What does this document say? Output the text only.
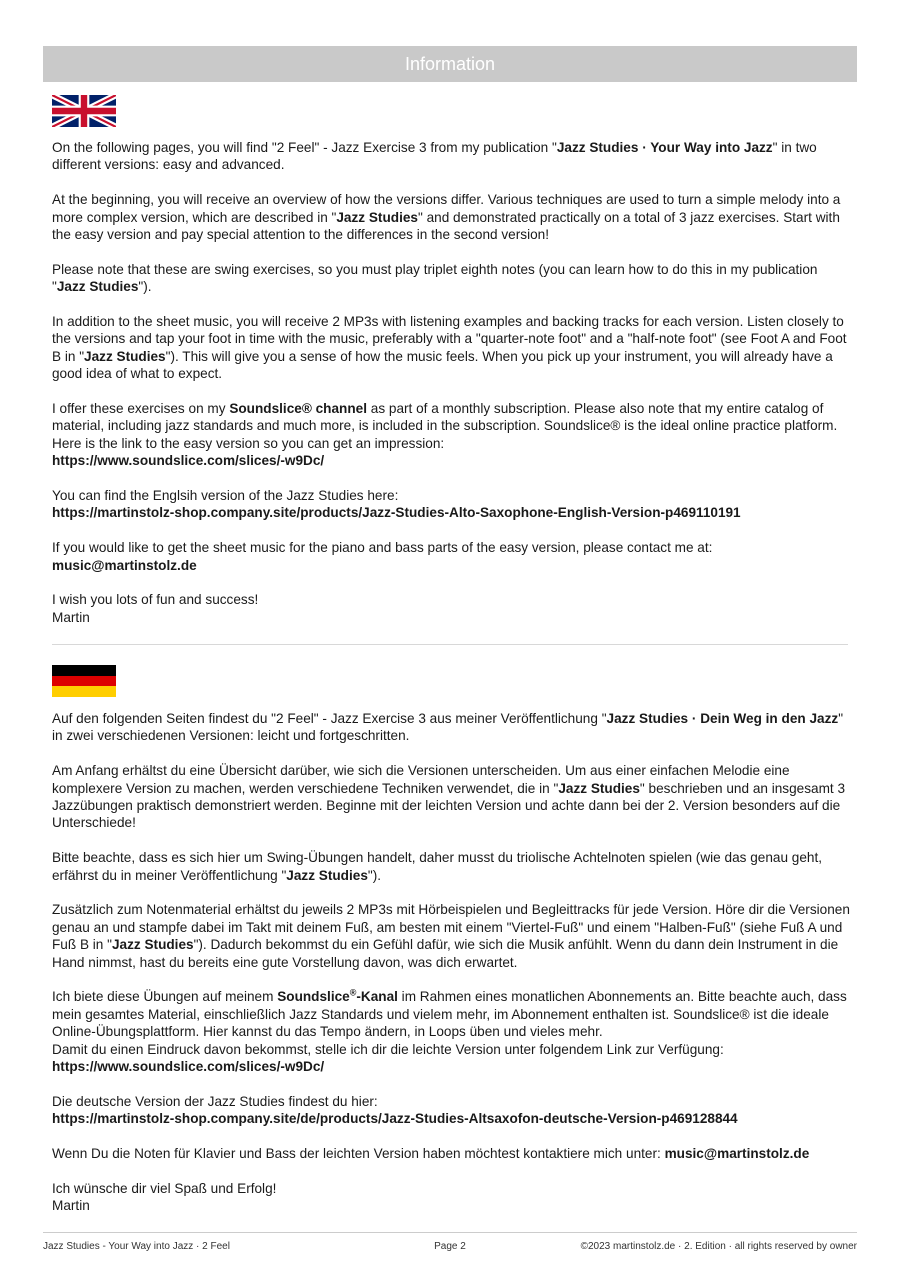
Information

On the following pages, you will find "2 Feel" - Jazz Exercise 3 from my publication "Jazz Studies · Your Way into Jazz" in two different versions: easy and advanced.

At the beginning, you will receive an overview of how the versions differ. Various techniques are used to turn a simple melody into a more complex version, which are described in "Jazz Studies" and demonstrated practically on a total of 3 jazz exercises. Start with the easy version and pay special attention to the differences in the second version!

Please note that these are swing exercises, so you must play triplet eighth notes (you can learn how to do this in my publication "Jazz Studies").

In addition to the sheet music, you will receive 2 MP3s with listening examples and backing tracks for each version. Listen closely to the versions and tap your foot in time with the music, preferably with a "quarter-note foot" and a "half-note foot" (see Foot A and Foot B in "Jazz Studies"). This will give you a sense of how the music feels. When you pick up your instrument, you will already have a good idea of what to expect.

I offer these exercises on my Soundslice® channel as part of a monthly subscription. Please also note that my entire catalog of material, including jazz standards and much more, is included in the subscription. Soundslice® is the ideal online practice platform. Here is the link to the easy version so you can get an impression:
https://www.soundslice.com/slices/-w9Dc/

You can find the Englsih version of the Jazz Studies here:
https://martinstolz-shop.company.site/products/Jazz-Studies-Alto-Saxophone-English-Version-p469110191

If you would like to get the sheet music for the piano and bass parts of the easy version, please contact me at:
music@martinstolz.de

I wish you lots of fun and success!
Martin

Auf den folgenden Seiten findest du "2 Feel" - Jazz Exercise 3 aus meiner Veröffentlichung "Jazz Studies · Dein Weg in den Jazz" in zwei verschiedenen Versionen: leicht und fortgeschritten.

Am Anfang erhältst du eine Übersicht darüber, wie sich die Versionen unterscheiden. Um aus einer einfachen Melodie eine komplexere Version zu machen, werden verschiedene Techniken verwendet, die in "Jazz Studies" beschrieben und an insgesamt 3 Jazzübungen praktisch demonstriert werden. Beginne mit der leichten Version und achte dann bei der 2. Version besonders auf die Unterschiede!

Bitte beachte, dass es sich hier um Swing-Übungen handelt, daher musst du triolische Achtelnoten spielen (wie das genau geht, erfährst du in meiner Veröffentlichung "Jazz Studies").

Zusätzlich zum Notenmaterial erhältst du jeweils 2 MP3s mit Hörbeispielen und Begleittracks für jede Version. Höre dir die Versionen genau an und stampfe dabei im Takt mit deinem Fuß, am besten mit einem "Viertel-Fuß" und einem "Halben-Fuß" (siehe Fuß A und Fuß B in "Jazz Studies"). Dadurch bekommst du ein Gefühl dafür, wie sich die Musik anfühlt. Wenn du dann dein Instrument in die Hand nimmst, hast du bereits eine gute Vorstellung davon, was dich erwartet.

Ich biete diese Übungen auf meinem Soundslice®-Kanal im Rahmen eines monatlichen Abonnements an. Bitte beachte auch, dass mein gesamtes Material, einschließlich Jazz Standards und vielem mehr, im Abonnement enthalten ist. Soundslice® ist die ideale Online-Übungsplattform. Hier kannst du das Tempo ändern, in Loops üben und vieles mehr.
Damit du einen Eindruck davon bekommst, stelle ich dir die leichte Version unter folgendem Link zur Verfügung:
https://www.soundslice.com/slices/-w9Dc/

Die deutsche Version der Jazz Studies findest du hier:
https://martinstolz-shop.company.site/de/products/Jazz-Studies-Altsaxofon-deutsche-Version-p469128844

Wenn Du die Noten für Klavier und Bass der leichten Version haben möchtest kontaktiere mich unter: music@martinstolz.de

Ich wünsche dir viel Spaß und Erfolg!
Martin

Jazz Studies - Your Way into Jazz · 2 Feel	Page 2	©2023 martinstolz.de · 2. Edition · all rights reserved by owner
